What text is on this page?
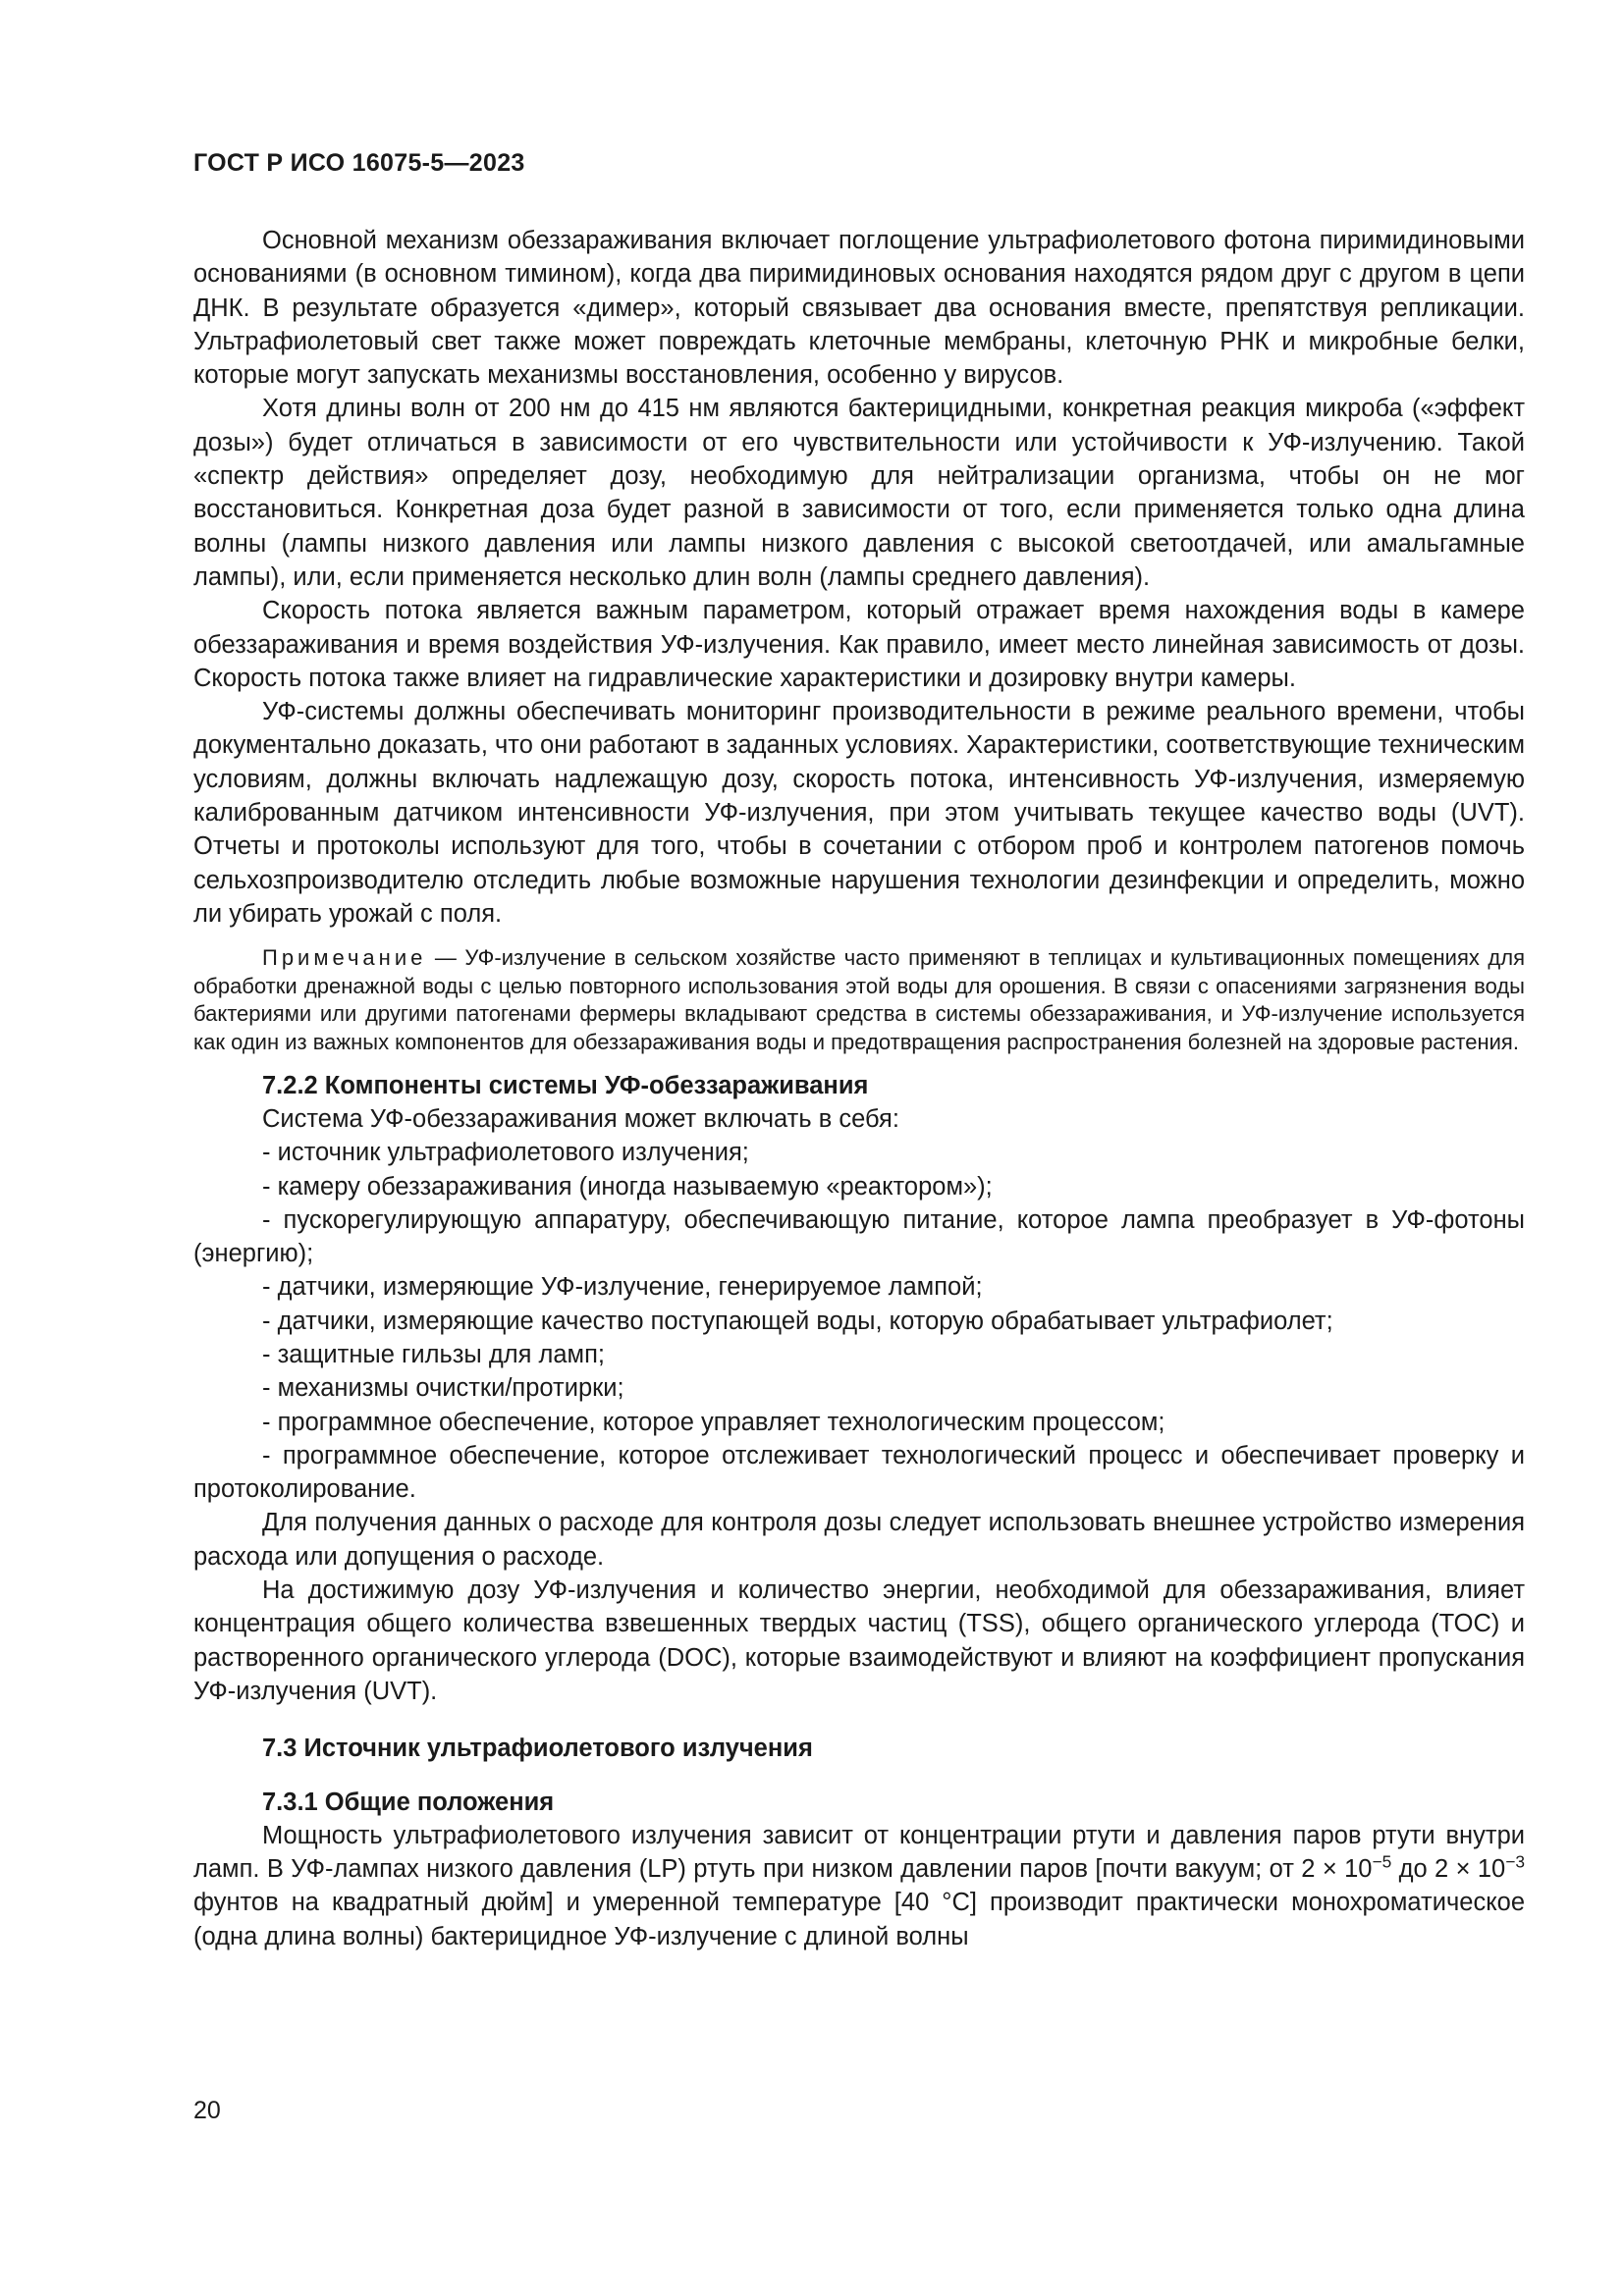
ГОСТ Р ИСО 16075-5—2023

Основной механизм обеззараживания включает поглощение ультрафиолетового фотона пиримидиновыми основаниями (в основном тимином), когда два пиримидиновых основания находятся рядом друг с другом в цепи ДНК. В результате образуется «димер», который связывает два основания вместе, препятствуя репликации. Ультрафиолетовый свет также может повреждать клеточные мембраны, клеточную РНК и микробные белки, которые могут запускать механизмы восстановления, особенно у вирусов.

Хотя длины волн от 200 нм до 415 нм являются бактерицидными, конкретная реакция микроба («эффект дозы») будет отличаться в зависимости от его чувствительности или устойчивости к УФ-излучению. Такой «спектр действия» определяет дозу, необходимую для нейтрализации организма, чтобы он не мог восстановиться. Конкретная доза будет разной в зависимости от того, если применяется только одна длина волны (лампы низкого давления или лампы низкого давления с высокой светоотдачей, или амальгамные лампы), или, если применяется несколько длин волн (лампы среднего давления).

Скорость потока является важным параметром, который отражает время нахождения воды в камере обеззараживания и время воздействия УФ-излучения. Как правило, имеет место линейная зависимость от дозы. Скорость потока также влияет на гидравлические характеристики и дозировку внутри камеры.

УФ-системы должны обеспечивать мониторинг производительности в режиме реального времени, чтобы документально доказать, что они работают в заданных условиях. Характеристики, соответствующие техническим условиям, должны включать надлежащую дозу, скорость потока, интенсивность УФ-излучения, измеряемую калиброванным датчиком интенсивности УФ-излучения, при этом учитывать текущее качество воды (UVT). Отчеты и протоколы используют для того, чтобы в сочетании с отбором проб и контролем патогенов помочь сельхозпроизводителю отследить любые возможные нарушения технологии дезинфекции и определить, можно ли убирать урожай с поля.

Примечание — УФ-излучение в сельском хозяйстве часто применяют в теплицах и культивационных помещениях для обработки дренажной воды с целью повторного использования этой воды для орошения. В связи с опасениями загрязнения воды бактериями или другими патогенами фермеры вкладывают средства в системы обеззараживания, и УФ-излучение используется как один из важных компонентов для обеззараживания воды и предотвращения распространения болезней на здоровые растения.
7.2.2 Компоненты системы УФ-обеззараживания

Система УФ-обеззараживания может включать в себя:

- источник ультрафиолетового излучения;

- камеру обеззараживания (иногда называемую «реактором»);

- пускорегулирующую аппаратуру, обеспечивающую питание, которое лампа преобразует в УФ-фотоны (энергию);

- датчики, измеряющие УФ-излучение, генерируемое лампой;

- датчики, измеряющие качество поступающей воды, которую обрабатывает ультрафиолет;

- защитные гильзы для ламп;

- механизмы очистки/протирки;

- программное обеспечение, которое управляет технологическим процессом;

- программное обеспечение, которое отслеживает технологический процесс и обеспечивает проверку и протоколирование.

Для получения данных о расходе для контроля дозы следует использовать внешнее устройство измерения расхода или допущения о расходе.

На достижимую дозу УФ-излучения и количество энергии, необходимой для обеззараживания, влияет концентрация общего количества взвешенных твердых частиц (TSS), общего органического углерода (TOC) и растворенного органического углерода (DOC), которые взаимодействуют и влияют на коэффициент пропускания УФ-излучения (UVT).

7.3 Источник ультрафиолетового излучения
7.3.1 Общие положения

Мощность ультрафиолетового излучения зависит от концентрации ртути и давления паров ртути внутри ламп. В УФ-лампах низкого давления (LP) ртуть при низком давлении паров [почти вакуум; от $2 \times 10^{-5}$ до $2 \times 10^{-3}$ фунтов на квадратный дюйм] и умеренной температуре [40 °C] производит практически монохроматическое (одна длина волны) бактерицидное УФ-излучение с длиной волны

20
